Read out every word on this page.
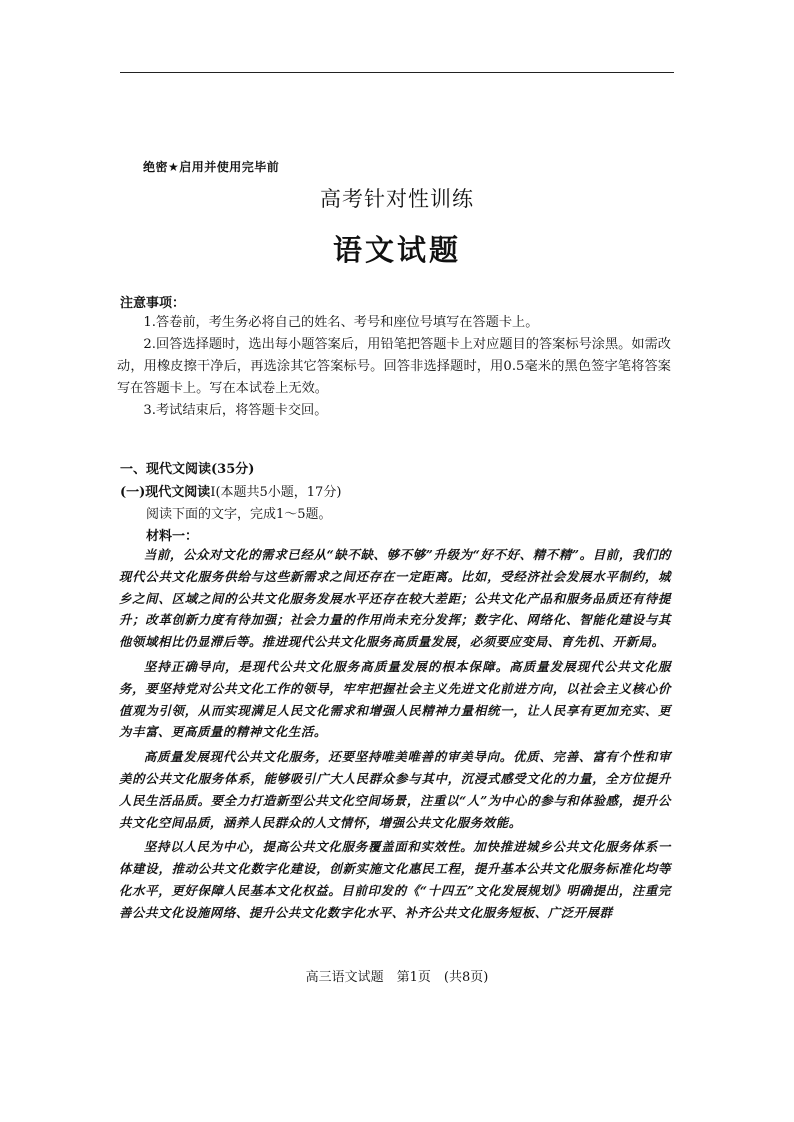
绝密★启用并使用完毕前
高考针对性训练
语文试题
注意事项：

1.答卷前，考生务必将自己的姓名、考号和座位号填写在答题卡上。

2.回答选择题时，选出每小题答案后，用铅笔把答题卡上对应题目的答案标号涂黑。如需改动，用橡皮擦干净后，再选涂其它答案标号。回答非选择题时，用0.5毫米的黑色签字笔将答案写在答题卡上。写在本试卷上无效。

3.考试结束后，将答题卡交回。

一、现代文阅读(35分)
(一)现代文阅读Ⅰ(本题共5小题，17分)
阅读下面的文字，完成1～5题。
材料一：

当前，公众对文化的需求已经从“缺不缺、够不够”升级为“好不好、精不精”。目前，我们的现代公共文化服务供给与这些新需求之间还存在一定距离。比如，受经济社会发展水平制约，城乡之间、区域之间的公共文化服务发展水平还存在较大差距；公共文化产品和服务品质还有待提升；改革创新力度有待加强；社会力量的作用尚未充分发挥；数字化、网络化、智能化建设与其他领域相比仍显滞后等。推进现代公共文化服务高质量发展，必须要应变局、育先机、开新局。

坚持正确导向，是现代公共文化服务高质量发展的根本保障。高质量发展现代公共文化服务，要坚持党对公共文化工作的领导，牢牢把握社会主义先进文化前进方向，以社会主义核心价值观为引领，从而实现满足人民文化需求和增强人民精神力量相统一，让人民享有更加充实、更为丰富、更高质量的精神文化生活。

高质量发展现代公共文化服务，还要坚持唯美唯善的审美导向。优质、完善、富有个性和审美的公共文化服务体系，能够吸引广大人民群众参与其中，沉浸式感受文化的力量，全方位提升人民生活品质。要全力打造新型公共文化空间场景，注重以“人”为中心的参与和体验感，提升公共文化空间品质，涵养人民群众的人文情怀，增强公共文化服务效能。

坚持以人民为中心，提高公共文化服务覆盖面和实效性。加快推进城乡公共文化服务体系一体建设，推动公共文化数字化建设，创新实施文化惠民工程，提升基本公共文化服务标准化均等化水平，更好保障人民基本文化权益。目前印发的《“十四五”文化发展规划》明确提出，注重完善公共文化设施网络、提升公共文化数字化水平、补齐公共文化服务短板、广泛开展群

高三语文试题　第1页　(共8页)
